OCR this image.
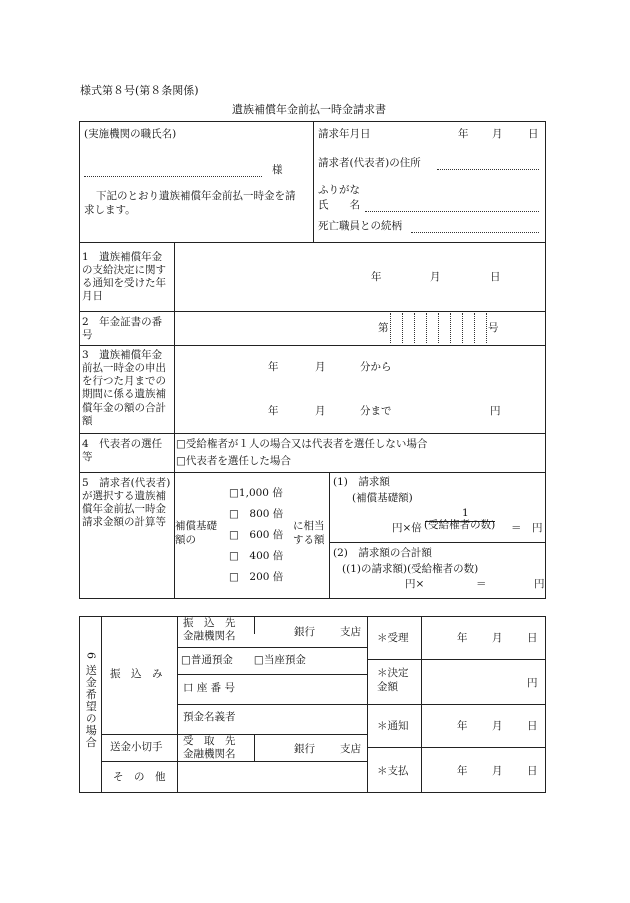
様式第８号(第８条関係)
遺族補償年金前払一時金請求書
(実施機関の職氏名)
様
下記のとおり遺族補償年金前払一時金を請求します。
請求年月日	年 月 日
請求者(代表者)の住所
ふりがな
氏　　名
死亡職員との続柄
1　遺族補償年金の支給決定に関する通知を受けた年月日
年	月	日
2　年金証書の番号
第	号
3　遺族補償年金前払一時金の申出を行つた月までの期間に係る遺族補償年金の額の合計額
年	月	分から
年	月	分まで	円
4　代表者の選任等
□受給権者が１人の場合又は代表者を選任しない場合
□代表者を選任した場合
5　請求者(代表者)が選択する遺族補償年金前払一時金請求金額の計算等 補償基礎額の
□1,000 倍
□　800 倍
□　600 倍
□　400 倍
□　200 倍
に相当する額
(1)　請求額
(補償基礎額)
1
円×倍 (受給権者の数) ＝　円
(2)　請求額の合計額
((1)の請求額)(受給権者の数)
円×	＝	円
6 送金希望の場合 振　込　み
振　込　先　金融機関名	銀行 支店
□普通預金　　□当座預金
口 座 番 号
預金名義者
送金小切手 受　取　先　金融機関名	銀行 支店
そ　の　他
＊受理	年 月 日
＊決定　金額	円
＊通知	年 月 日
＊支払	年 月 日
